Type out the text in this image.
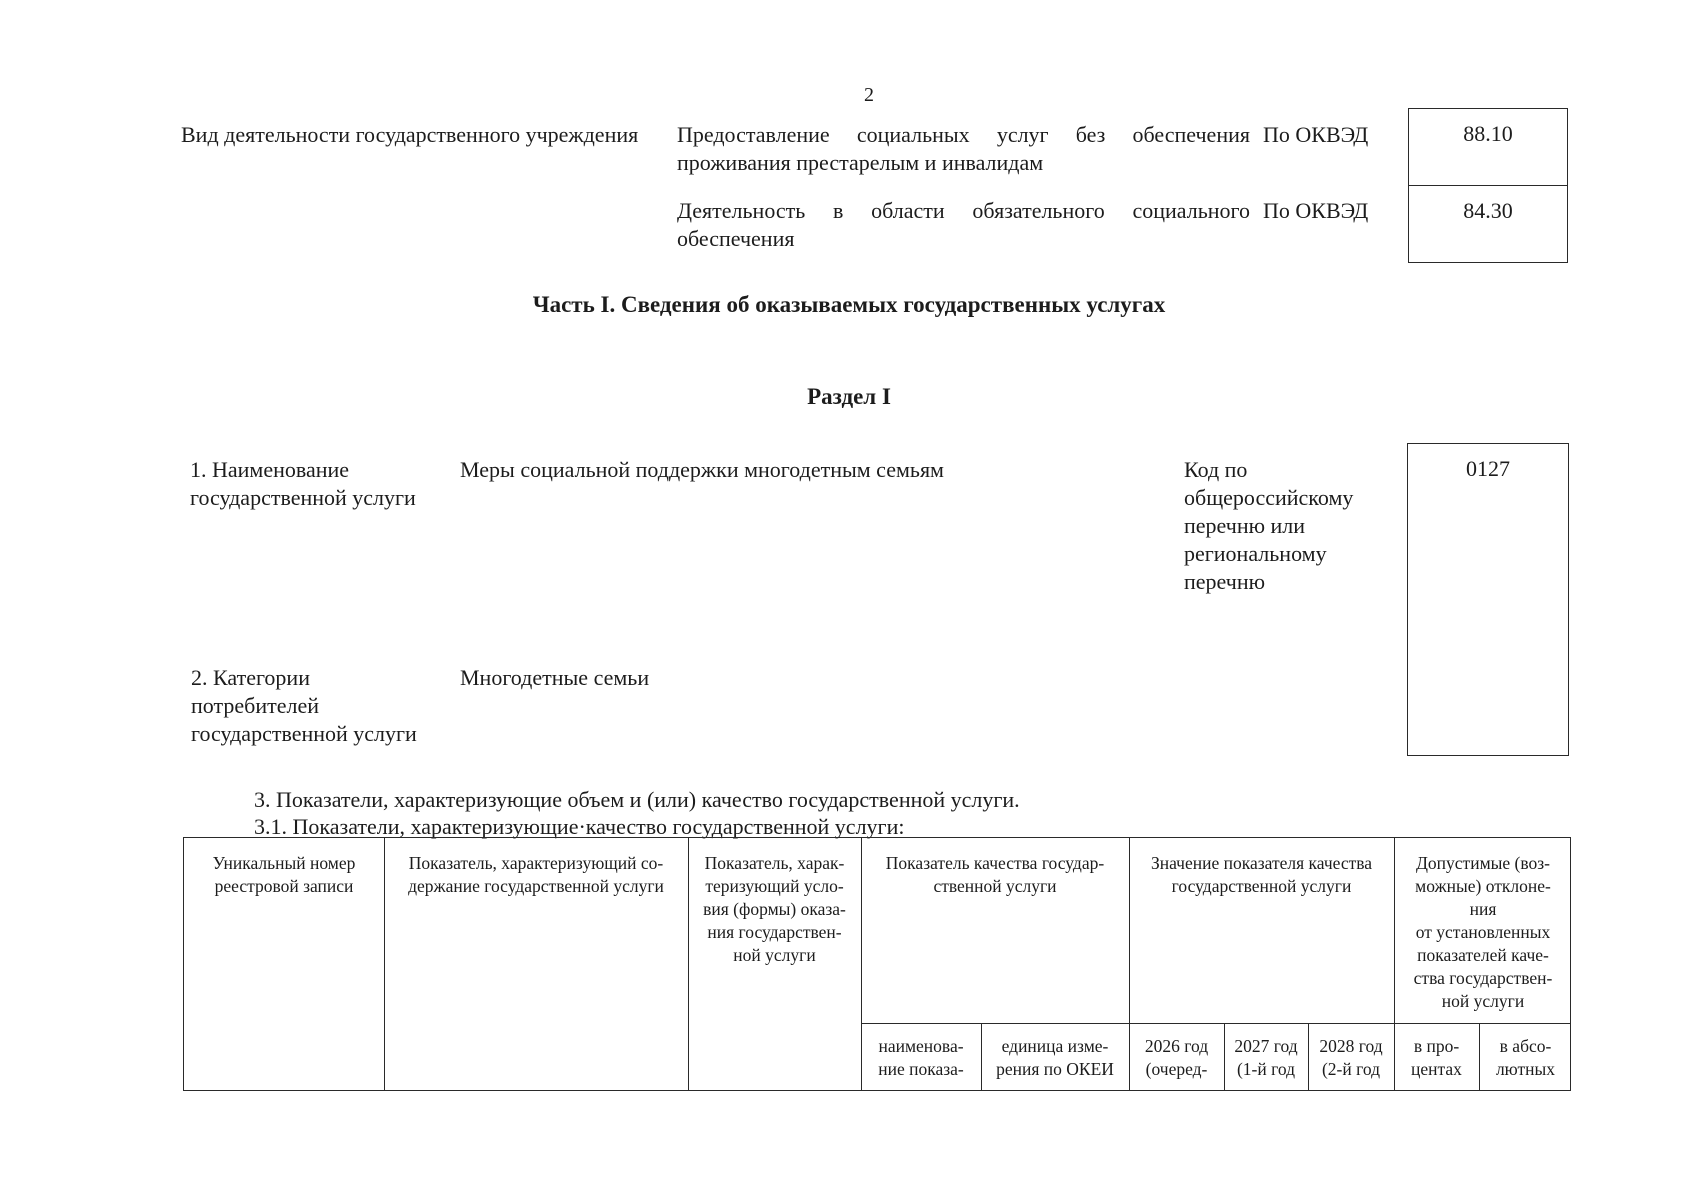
2
Вид деятельности государственного учреждения Предоставление социальных услуг без обеспечения
проживания престарелым и инвалидам
По ОКВЭД
Деятельность в области обязательного социального
обеспечения
По ОКВЭД
88.10
84.30
Часть I. Сведения об оказываемых государственных услугах
Раздел I
1. Наименование
государственной услуги
Меры социальной поддержки многодетным семьям	Код по
общероссийскому
перечню или
региональному
перечню
0127
2. Категории
потребителей
государственной услуги
Многодетные семьи
3. Показатели, характеризующие объем и (или) качество государственной услуги.
3.1. Показатели, характеризующие·качество государственной услуги:
Уникальный номер
реестровой записи
Показатель, характеризующий со-
держание государственной услуги
Показатель, харак-
теризующий усло-
вия (формы) оказа-
ния государствен-
ной услуги
Показатель качества государ-
ственной услуги
Значение показателя качества
государственной услуги
Допустимые (воз-
можные) отклоне-
ния
от установленных
показателей каче-
ства государствен-
ной услуги
наименова-
ние показа-
единица изме-
рения по ОКЕИ
2026 год
(очеред-
2027 год
(1-й год
2028 год
(2-й год
в про-
центах
в абсо-
лютных
